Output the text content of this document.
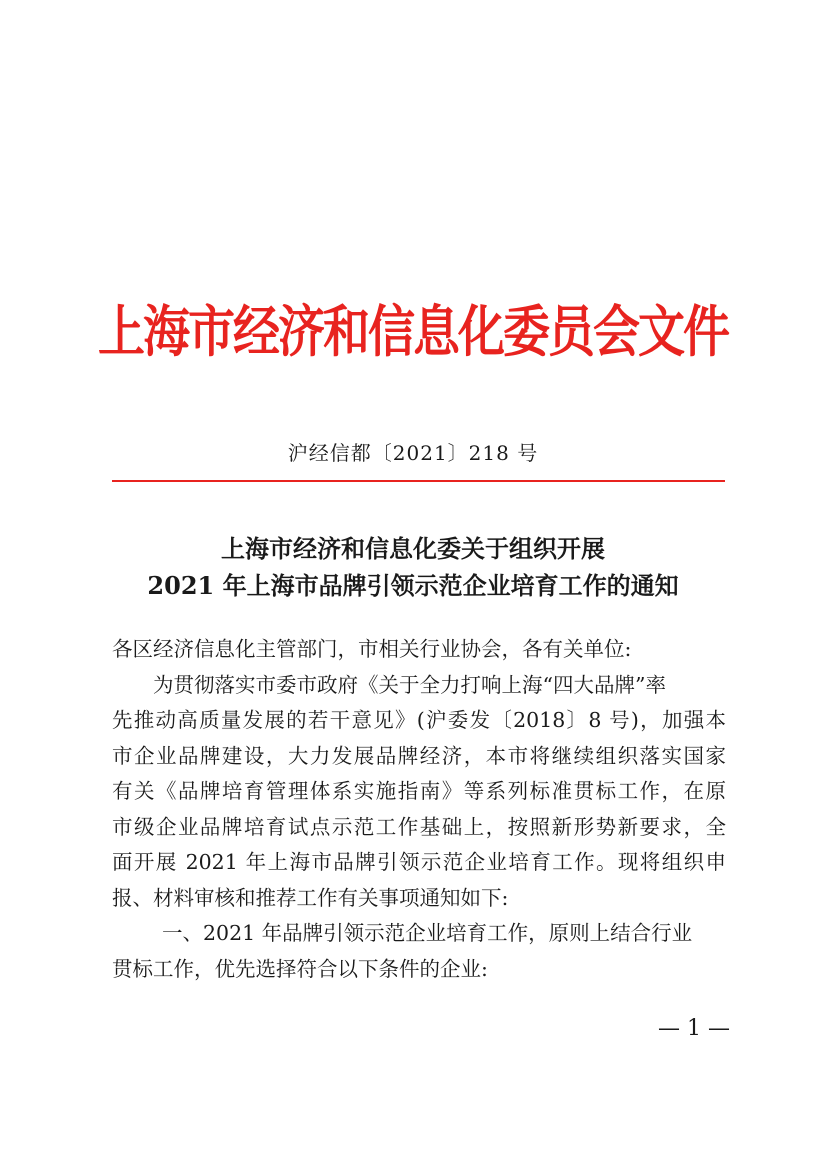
上海市经济和信息化委员会文件
沪经信都〔2021〕218 号
上海市经济和信息化委关于组织开展
2021 年上海市品牌引领示范企业培育工作的通知
各区经济信息化主管部门，市相关行业协会，各有关单位:
为贯彻落实市委市政府《关于全力打响上海“四大品牌”率
先推动高质量发展的若干意见》(沪委发〔2018〕8 号)，加强本
市企业品牌建设，大力发展品牌经济，本市将继续组织落实国家
有关《品牌培育管理体系实施指南》等系列标准贯标工作，在原
市级企业品牌培育试点示范工作基础上，按照新形势新要求，全
面开展 2021 年上海市品牌引领示范企业培育工作。现将组织申
报、材料审核和推荐工作有关事项通知如下:
一、2021 年品牌引领示范企业培育工作，原则上结合行业
贯标工作，优先选择符合以下条件的企业:
— 1 —
